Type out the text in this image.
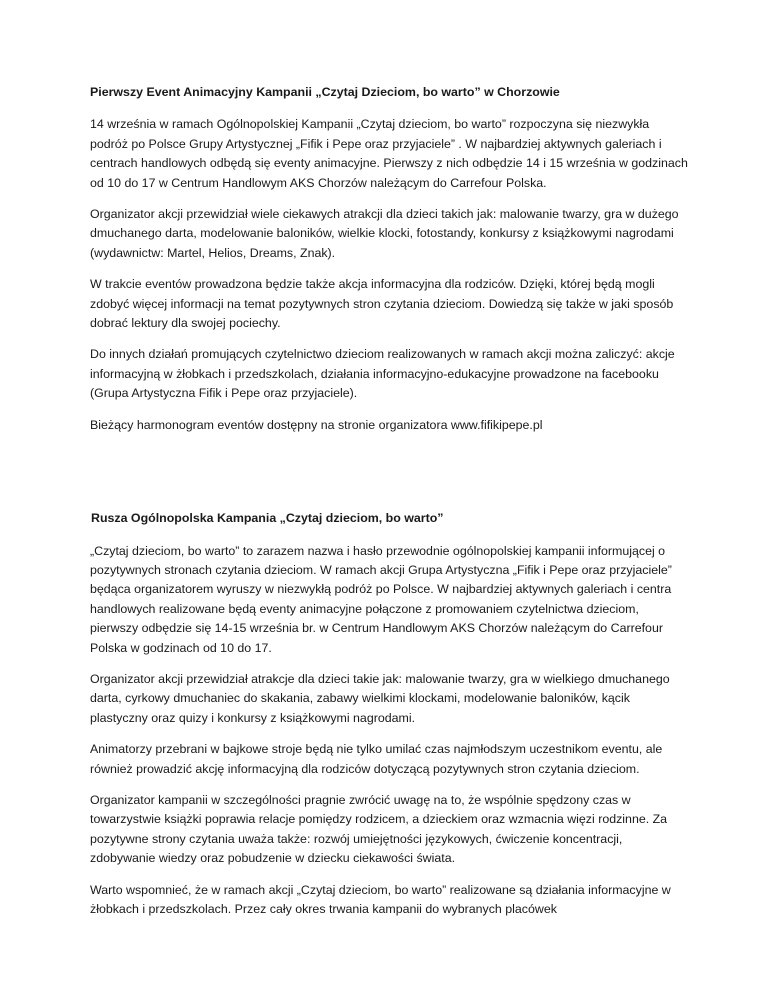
Pierwszy Event Animacyjny Kampanii „Czytaj Dzieciom, bo warto” w Chorzowie

14 września w ramach Ogólnopolskiej Kampanii „Czytaj dzieciom, bo warto” rozpoczyna się niezwykła podróż po Polsce Grupy Artystycznej „Fifik i Pepe oraz przyjaciele” . W najbardziej aktywnych galeriach i centrach handlowych odbędą się eventy animacyjne. Pierwszy z nich odbędzie 14 i 15 września w godzinach od 10 do 17 w Centrum Handlowym AKS Chorzów należącym do Carrefour Polska.

Organizator akcji przewidział wiele ciekawych atrakcji dla dzieci takich jak: malowanie twarzy, gra w dużego dmuchanego darta, modelowanie baloników, wielkie klocki, fotostandy, konkursy z książkowymi nagrodami (wydawnictw: Martel, Helios, Dreams, Znak).

W trakcie eventów prowadzona będzie także akcja informacyjna dla rodziców. Dzięki, której będą mogli zdobyć więcej informacji na temat pozytywnych stron czytania dzieciom. Dowiedzą się także w jaki sposób dobrać lektury dla swojej pociechy.

Do innych działań promujących czytelnictwo dzieciom realizowanych w ramach akcji można zaliczyć: akcje informacyjną w żłobkach i przedszkolach, działania informacyjno-edukacyjne prowadzone na facebooku (Grupa Artystyczna Fifik i Pepe oraz przyjaciele).

Bieżący harmonogram eventów dostępny na stronie organizatora www.fifikipepe.pl

Rusza Ogólnopolska Kampania „Czytaj dzieciom, bo warto”

„Czytaj dzieciom, bo warto” to zarazem nazwa i hasło przewodnie ogólnopolskiej kampanii informującej o pozytywnych stronach czytania dzieciom. W ramach akcji Grupa Artystyczna „Fifik i Pepe oraz przyjaciele” będąca organizatorem wyruszy w niezwykłą podróż po Polsce. W najbardziej aktywnych galeriach i centra handlowych realizowane będą eventy animacyjne połączone z promowaniem czytelnictwa dzieciom, pierwszy odbędzie się 14-15 września br. w Centrum Handlowym AKS Chorzów należącym do Carrefour Polska w godzinach od 10 do 17.

Organizator akcji przewidział atrakcje dla dzieci takie jak: malowanie twarzy, gra w wielkiego dmuchanego darta, cyrkowy dmuchaniec do skakania, zabawy wielkimi klockami, modelowanie baloników, kącik plastyczny oraz quizy i konkursy z książkowymi nagrodami.

Animatorzy przebrani w bajkowe stroje będą nie tylko umilać czas najmłodszym uczestnikom eventu, ale również prowadzić akcję informacyjną dla rodziców dotyczącą pozytywnych stron czytania dzieciom.

Organizator kampanii w szczególności pragnie zwrócić uwagę na to, że wspólnie spędzony czas w towarzystwie książki poprawia relacje pomiędzy rodzicem, a dzieckiem oraz wzmacnia więzi rodzinne. Za pozytywne strony czytania uważa także: rozwój umiejętności językowych, ćwiczenie koncentracji, zdobywanie wiedzy oraz pobudzenie w dziecku ciekawości świata.

Warto wspomnieć, że w ramach akcji „Czytaj dzieciom, bo warto” realizowane są działania informacyjne w żłobkach i przedszkolach. Przez cały okres trwania kampanii do wybranych placówek
